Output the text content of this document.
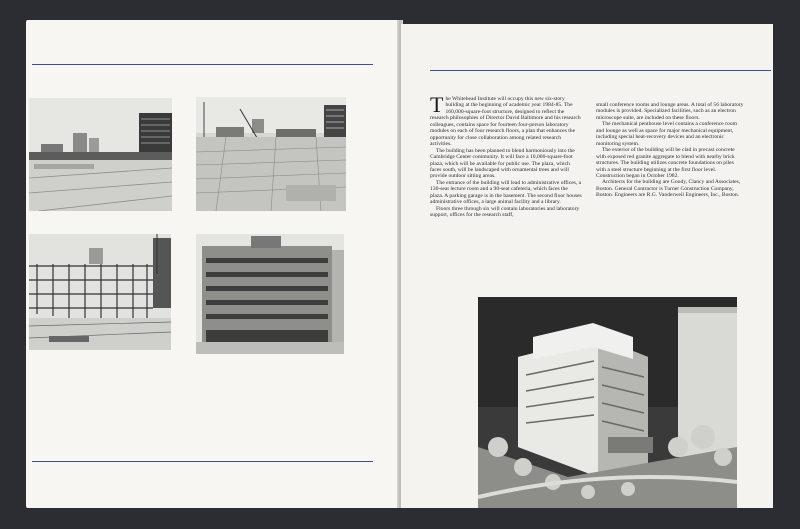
The Whitehead Institute will occupy this new six-story building at the beginning of academic year 1984-85. The 160,000-square-foot structure, designed to reflect the research philosophies of Director David Baltimore and his research colleagues, contains space for fourteen four-person laboratory modules on each of four research floors, a plan that enhances the opportunity for close collaboration among related research activities.

The building has been planned to blend harmoniously into the Cambridge Center community. It will face a 10,000-square-foot plaza, which will be available for public use. The plaza, which faces south, will be landscaped with ornamental trees and will provide outdoor sitting areas.

The entrance of the building will lead to administrative offices, a 130-seat lecture room and a 90-seat cafeteria, which faces the plaza. A parking garage is in the basement. The second floor houses administrative offices, a large animal facility and a library.

Floors three through six will contain laboratories and laboratory support, offices for the research staff,

small conference rooms and lounge areas. A total of 56 laboratory modules is provided. Specialized facilities, such as an electron microscope suite, are included on these floors.

The mechanical penthouse level contains a conference room and lounge as well as space for major mechanical equipment, including special heat-recovery devices and an electronic monitoring system.

The exterior of the building will be clad in precast concrete with exposed red granite aggregate to blend with nearby brick structures. The building utilizes concrete foundations on piles with a steel structure beginning at the first floor level. Construction began in October 1982.

Architects for the building are Goody, Clancy and Associates, Boston. General Contractor is Turner Construction Company, Boston. Engineers are R.G. Vanderweil Engineers, Inc., Boston.
